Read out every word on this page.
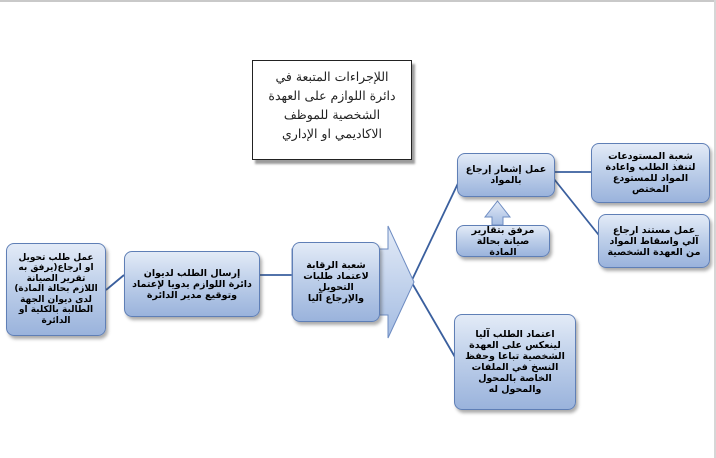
اللإجراءات المتبعة في
دائرة اللوازم على العهدة
الشخصية للموظف
الاكاديمي او الإداري
عمل طلب تحويل او ارجاع(يرفق به تقرير الصيانة اللازم بحالة المادة) لدى ديوان الجهة الطالبة بالكلية او الدائرة
إرسال الطلب لديوان دائرة اللوازم يدويا لإعتماد وتوقيع مدير الدائرة
شعبة الرقابة لاعتماد طلبات التحويل والإرجاع آليا
عمل إشعار إرجاع بالمواد
مرفق بتقارير صيانة بحالة المادة
شعبة المستودعات لتنفذ الطلب واعادة المواد للمستودع المختص
عمل مستند ارجاع آلي واسقاط المواد من العهدة الشخصية
اعتماد الطلب آليا لينعكس على العهدة الشخصية تباعا وحفظ النسخ في الملفات الخاصة بالمحول والمحول له
